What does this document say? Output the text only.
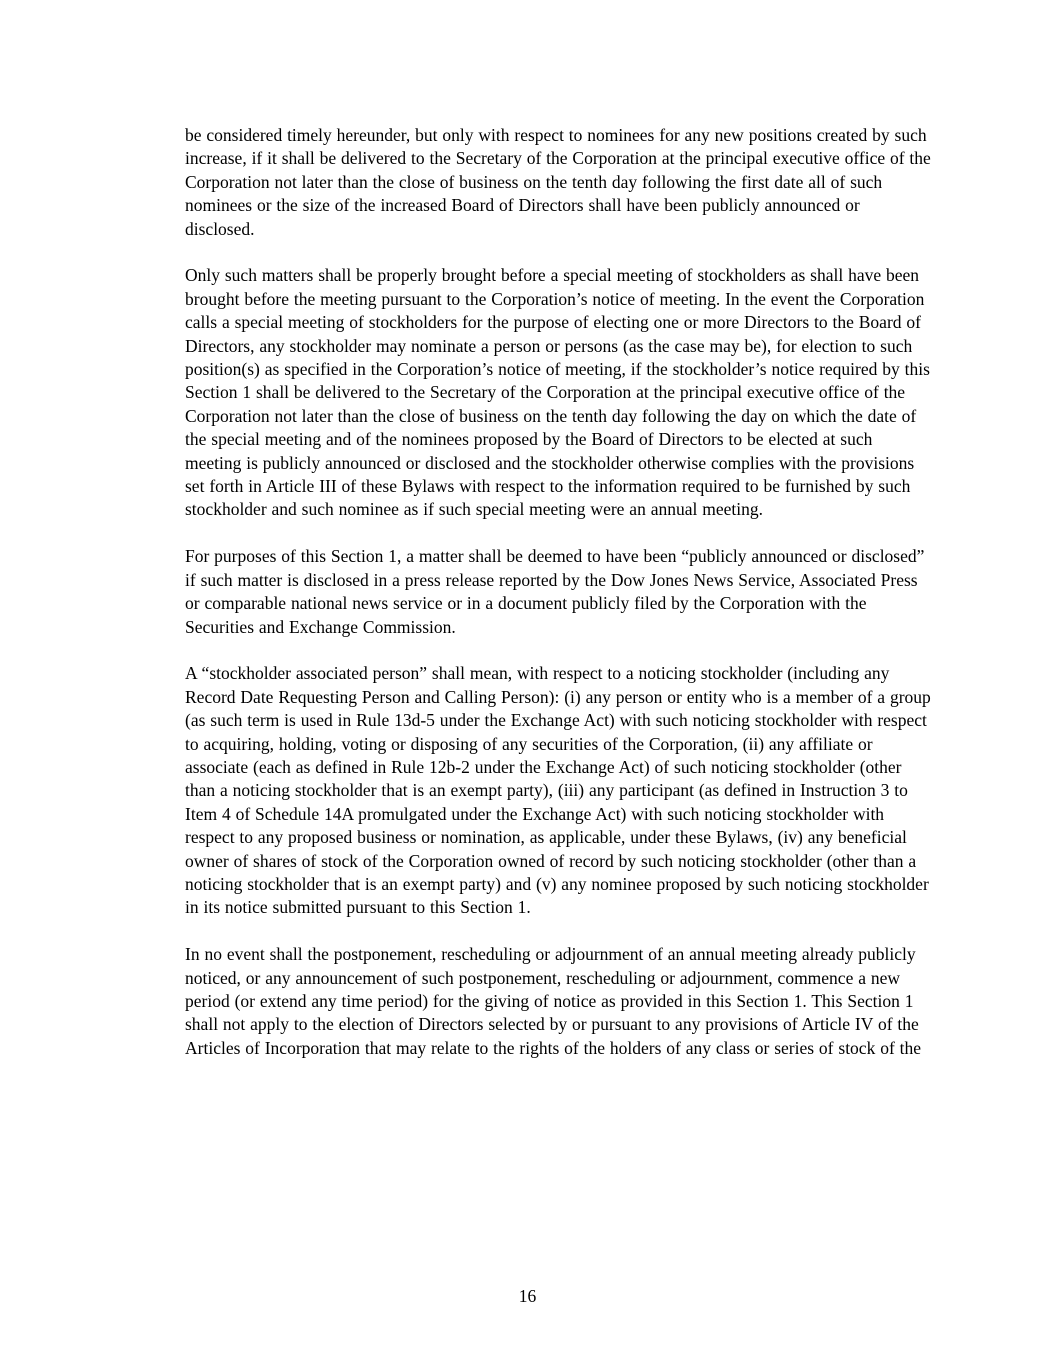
be considered timely hereunder, but only with respect to nominees for any new positions created by such increase, if it shall be delivered to the Secretary of the Corporation at the principal executive office of the Corporation not later than the close of business on the tenth day following the first date all of such nominees or the size of the increased Board of Directors shall have been publicly announced or disclosed.

Only such matters shall be properly brought before a special meeting of stockholders as shall have been brought before the meeting pursuant to the Corporation’s notice of meeting. In the event the Corporation calls a special meeting of stockholders for the purpose of electing one or more Directors to the Board of Directors, any stockholder may nominate a person or persons (as the case may be), for election to such position(s) as specified in the Corporation’s notice of meeting, if the stockholder’s notice required by this Section 1 shall be delivered to the Secretary of the Corporation at the principal executive office of the Corporation not later than the close of business on the tenth day following the day on which the date of the special meeting and of the nominees proposed by the Board of Directors to be elected at such meeting is publicly announced or disclosed and the stockholder otherwise complies with the provisions set forth in Article III of these Bylaws with respect to the information required to be furnished by such stockholder and such nominee as if such special meeting were an annual meeting.

For purposes of this Section 1, a matter shall be deemed to have been “publicly announced or disclosed” if such matter is disclosed in a press release reported by the Dow Jones News Service, Associated Press or comparable national news service or in a document publicly filed by the Corporation with the Securities and Exchange Commission.

A “stockholder associated person” shall mean, with respect to a noticing stockholder (including any Record Date Requesting Person and Calling Person): (i) any person or entity who is a member of a group (as such term is used in Rule 13d-5 under the Exchange Act) with such noticing stockholder with respect to acquiring, holding, voting or disposing of any securities of the Corporation, (ii) any affiliate or associate (each as defined in Rule 12b-2 under the Exchange Act) of such noticing stockholder (other than a noticing stockholder that is an exempt party), (iii) any participant (as defined in Instruction 3 to Item 4 of Schedule 14A promulgated under the Exchange Act) with such noticing stockholder with respect to any proposed business or nomination, as applicable, under these Bylaws, (iv) any beneficial owner of shares of stock of the Corporation owned of record by such noticing stockholder (other than a noticing stockholder that is an exempt party) and (v) any nominee proposed by such noticing stockholder in its notice submitted pursuant to this Section 1.

In no event shall the postponement, rescheduling or adjournment of an annual meeting already publicly noticed, or any announcement of such postponement, rescheduling or adjournment, commence a new period (or extend any time period) for the giving of notice as provided in this Section 1. This Section 1 shall not apply to the election of Directors selected by or pursuant to any provisions of Article IV of the Articles of Incorporation that may relate to the rights of the holders of any class or series of stock of the

16
